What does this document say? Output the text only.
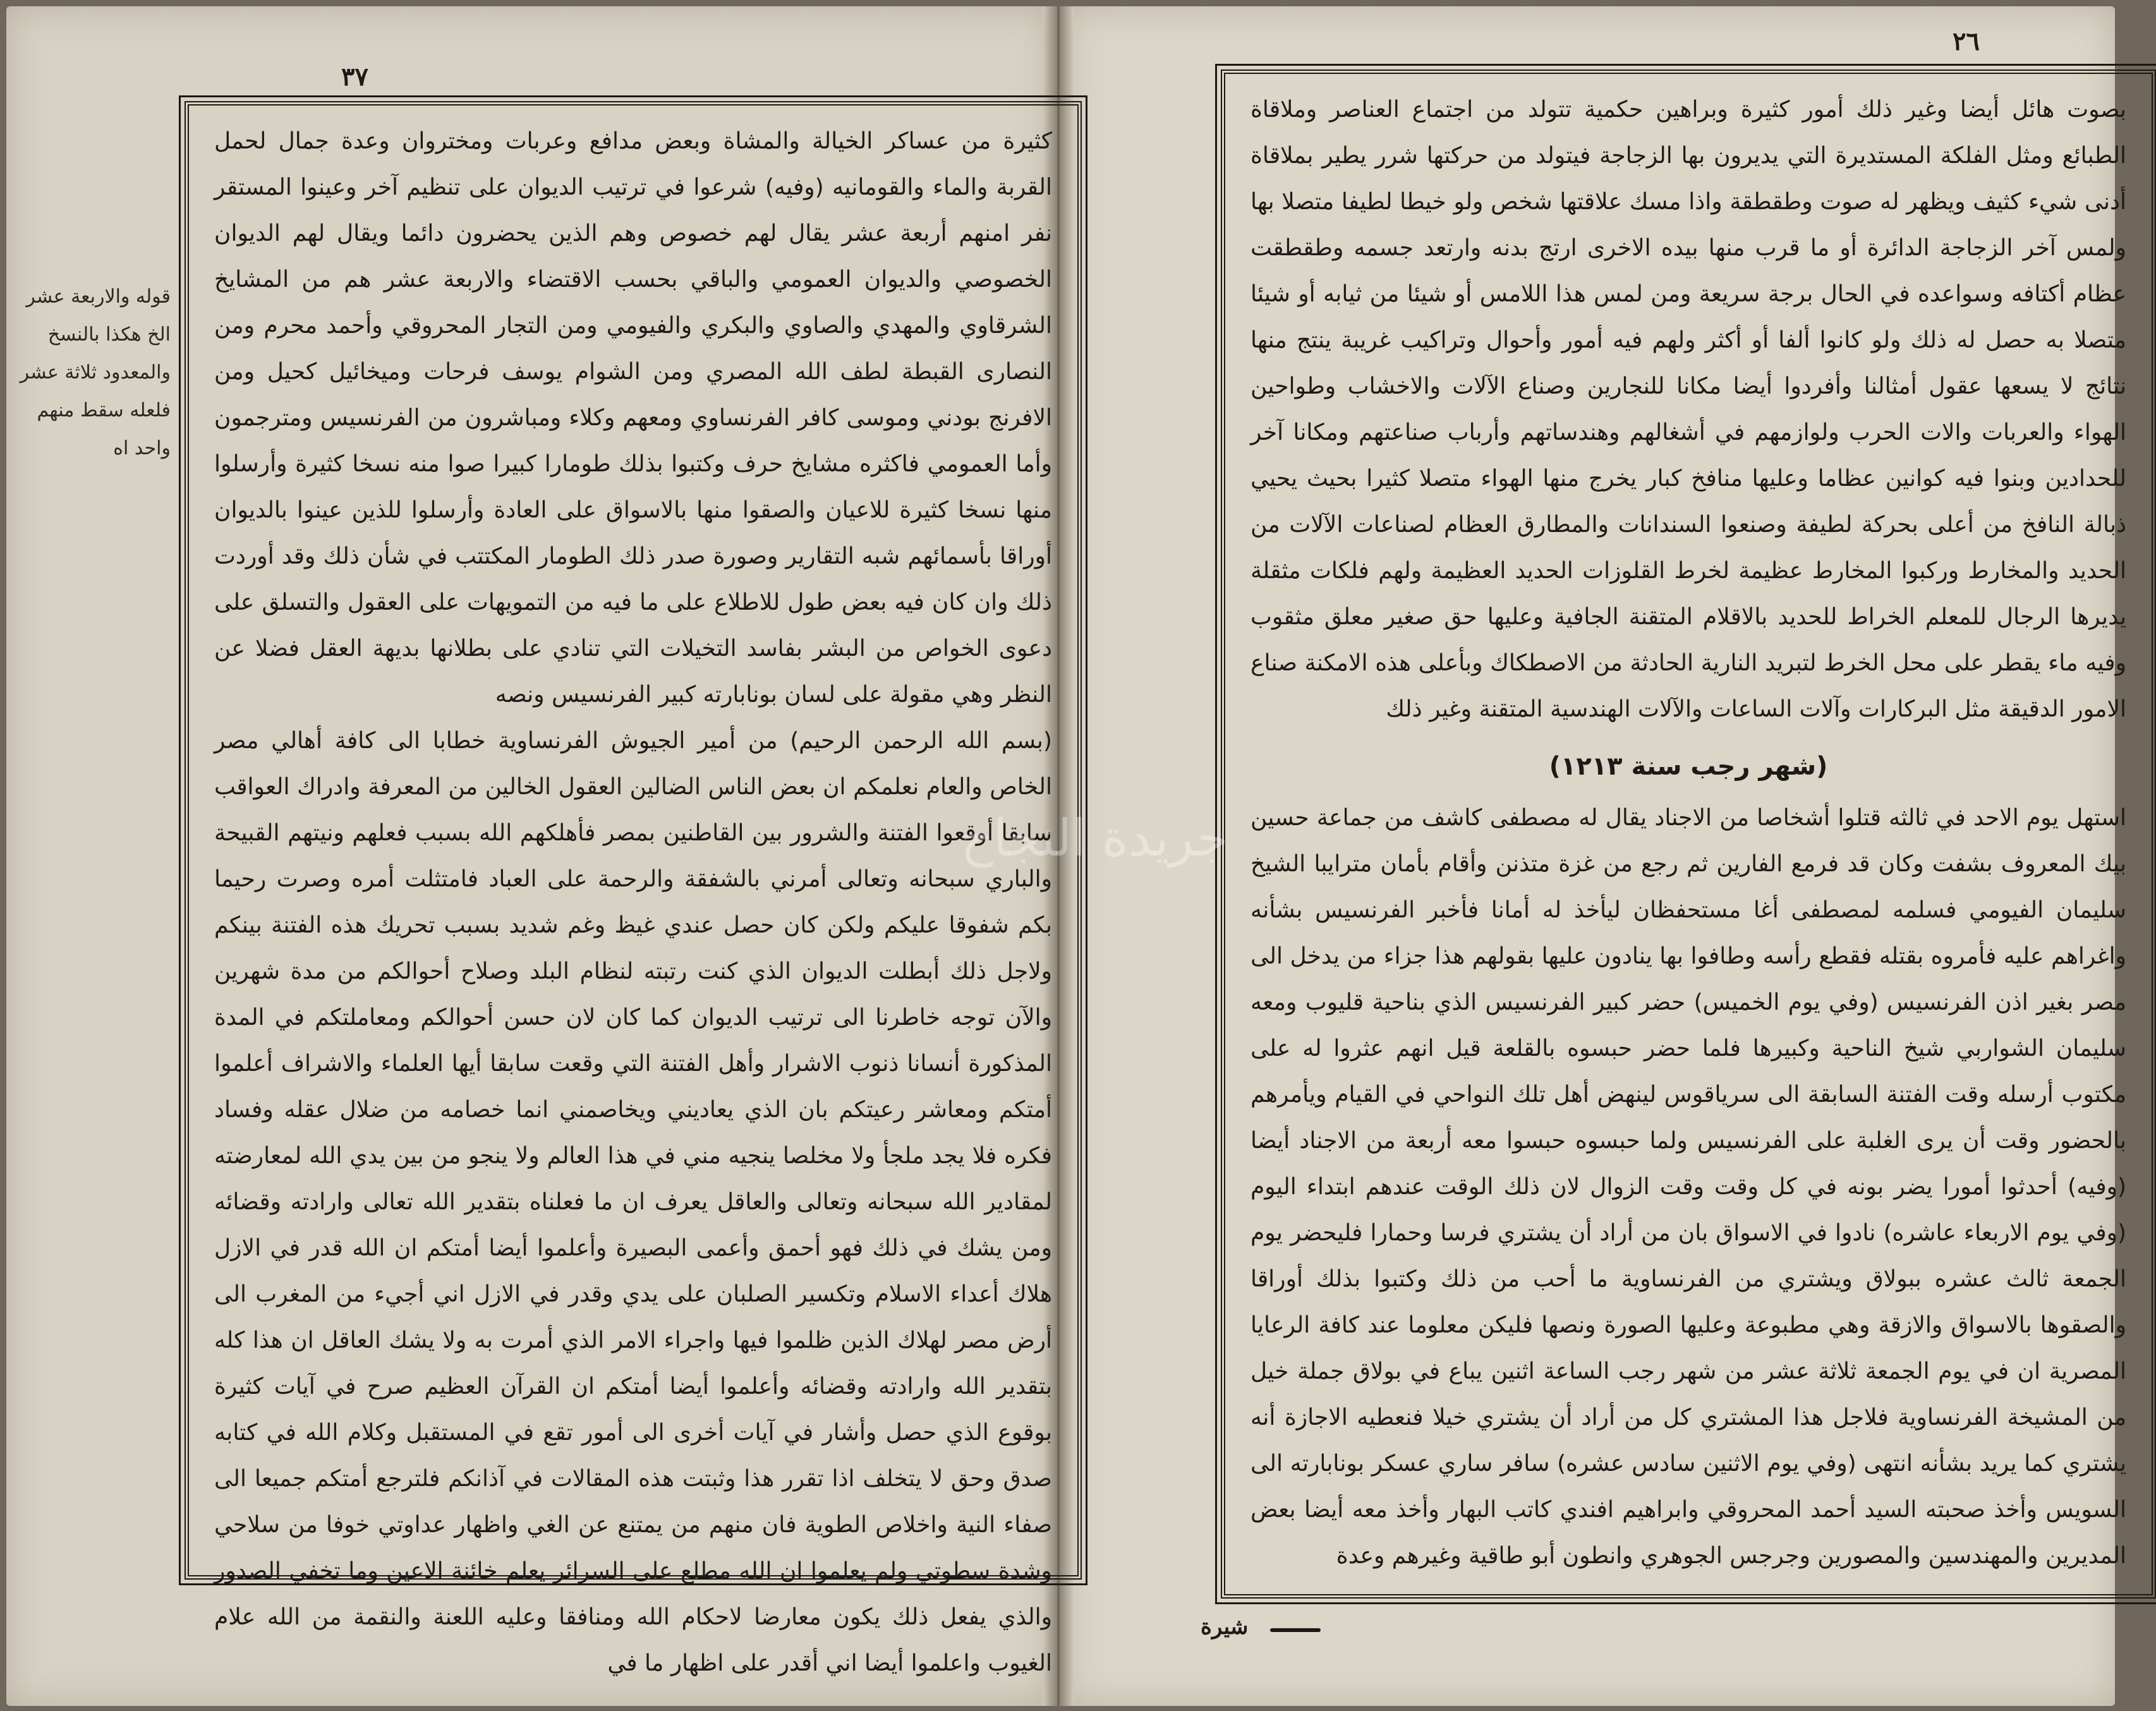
٣٧
٢٦
قوله والاربعة عشر الخ هكذا بالنسخ والمعدود ثلاثة عشر فلعله سقط منهم واحد اه

كثيرة من عساكر الخيالة والمشاة وبعض مدافع وعربات ومختروان وعدة جمال لحمل القربة والماء والقومانيه (وفيه) شرعوا في ترتيب الديوان على تنظيم آخر وعينوا المستقر نفر امنهم أربعة عشر يقال لهم خصوص وهم الذين يحضرون دائما ويقال لهم الديوان الخصوصي والديوان العمومي والباقي بحسب الاقتضاء والاربعة عشر هم من المشايخ الشرقاوي والمهدي والصاوي والبكري والفيومي ومن التجار المحروقي وأحمد محرم ومن النصارى القبطة لطف الله المصري ومن الشوام يوسف فرحات وميخائيل كحيل ومن الافرنج بودني وموسى كافر الفرنساوي ومعهم وكلاء ومباشرون من الفرنسيس ومترجمون وأما العمومي فاكثره مشايخ حرف وكتبوا بذلك طومارا كبيرا صوا منه نسخا كثيرة وأرسلوا منها نسخا كثيرة للاعيان والصقوا منها بالاسواق على العادة وأرسلوا للذين عينوا بالديوان أوراقا بأسمائهم شبه التقارير وصورة صدر ذلك الطومار المكتتب في شأن ذلك وقد أوردت ذلك وان كان فيه بعض طول للاطلاع على ما فيه من التمويهات على العقول والتسلق على دعوى الخواص من البشر بفاسد التخيلات التي تنادي على بطلانها بديهة العقل فضلا عن النظر وهي مقولة على لسان بونابارته كبير الفرنسيس ونصه

(بسم الله الرحمن الرحيم) من أمير الجيوش الفرنساوية خطابا الى كافة أهالي مصر الخاص والعام نعلمكم ان بعض الناس الضالين العقول الخالين من المعرفة وادراك العواقب سابقا أوقعوا الفتنة والشرور بين القاطنين بمصر فأهلكهم الله بسبب فعلهم ونيتهم القبيحة والباري سبحانه وتعالى أمرني بالشفقة والرحمة على العباد فامتثلت أمره وصرت رحيما بكم شفوقا عليكم ولكن كان حصل عندي غيظ وغم شديد بسبب تحريك هذه الفتنة بينكم ولاجل ذلك أبطلت الديوان الذي كنت رتبته لنظام البلد وصلاح أحوالكم من مدة شهرين والآن توجه خاطرنا الى ترتيب الديوان كما كان لان حسن أحوالكم ومعاملتكم في المدة المذكورة أنسانا ذنوب الاشرار وأهل الفتنة التي وقعت سابقا أيها العلماء والاشراف أعلموا أمتكم ومعاشر رعيتكم بان الذي يعاديني ويخاصمني انما خصامه من ضلال عقله وفساد فكره فلا يجد ملجأ ولا مخلصا ينجيه مني في هذا العالم ولا ينجو من بين يدي الله لمعارضته لمقادير الله سبحانه وتعالى والعاقل يعرف ان ما فعلناه بتقدير الله تعالى وارادته وقضائه ومن يشك في ذلك فهو أحمق وأعمى البصيرة وأعلموا أيضا أمتكم ان الله قدر في الازل هلاك أعداء الاسلام وتكسير الصلبان على يدي وقدر في الازل اني أجيء من المغرب الى أرض مصر لهلاك الذين ظلموا فيها واجراء الامر الذي أمرت به ولا يشك العاقل ان هذا كله بتقدير الله وارادته وقضائه وأعلموا أيضا أمتكم ان القرآن العظيم صرح في آيات كثيرة بوقوع الذي حصل وأشار في آيات أخرى الى أمور تقع في المستقبل وكلام الله في كتابه صدق وحق لا يتخلف اذا تقرر هذا وثبتت هذه المقالات في آذانكم فلترجع أمتكم جميعا الى صفاء النية واخلاص الطوية فان منهم من يمتنع عن الغي واظهار عداوتي خوفا من سلاحي وشدة سطوتي ولم يعلموا ان الله مطلع على السرائر يعلم خائنة الاعين وما تخفي الصدور والذي يفعل ذلك يكون معارضا لاحكام الله ومنافقا وعليه اللعنة والنقمة من الله علام الغيوب واعلموا أيضا اني أقدر على اظهار ما في

بصوت هائل أيضا وغير ذلك أمور كثيرة وبراهين حكمية تتولد من اجتماع العناصر وملاقاة الطبائع ومثل الفلكة المستديرة التي يديرون بها الزجاجة فيتولد من حركتها شرر يطير بملاقاة أدنى شيء كثيف ويظهر له صوت وطقطقة واذا مسك علاقتها شخص ولو خيطا لطيفا متصلا بها ولمس آخر الزجاجة الدائرة أو ما قرب منها بيده الاخرى ارتج بدنه وارتعد جسمه وطقطقت عظام أكتافه وسواعده في الحال برجة سريعة ومن لمس هذا اللامس أو شيئا من ثيابه أو شيئا متصلا به حصل له ذلك ولو كانوا ألفا أو أكثر ولهم فيه أمور وأحوال وتراكيب غريبة ينتج منها نتائج لا يسعها عقول أمثالنا وأفردوا أيضا مكانا للنجارين وصناع الآلات والاخشاب وطواحين الهواء والعربات والات الحرب ولوازمهم في أشغالهم وهندساتهم وأرباب صناعتهم ومكانا آخر للحدادين وبنوا فيه كوانين عظاما وعليها منافخ كبار يخرج منها الهواء متصلا كثيرا بحيث يحيي ذبالة النافخ من أعلى بحركة لطيفة وصنعوا السندانات والمطارق العظام لصناعات الآلات من الحديد والمخارط وركبوا المخارط عظيمة لخرط القلوزات الحديد العظيمة ولهم فلكات مثقلة يديرها الرجال للمعلم الخراط للحديد بالاقلام المتقنة الجافية وعليها حق صغير معلق مثقوب وفيه ماء يقطر على محل الخرط لتبريد النارية الحادثة من الاصطكاك وبأعلى هذه الامكنة صناع الامور الدقيقة مثل البركارات وآلات الساعات والآلات الهندسية المتقنة وغير ذلك

(شهر رجب سنة ١٢١٣)

استهل يوم الاحد في ثالثه قتلوا أشخاصا من الاجناد يقال له مصطفى كاشف من جماعة حسين بيك المعروف بشفت وكان قد فرمع الفارين ثم رجع من غزة متذنن وأقام بأمان مترايبا الشيخ سليمان الفيومي فسلمه لمصطفى أغا مستحفظان ليأخذ له أمانا فأخبر الفرنسيس بشأنه واغراهم عليه فأمروه بقتله فقطع رأسه وطافوا بها ينادون عليها بقولهم هذا جزاء من يدخل الى مصر بغير اذن الفرنسيس (وفي يوم الخميس) حضر كبير الفرنسيس الذي بناحية قليوب ومعه سليمان الشواربي شيخ الناحية وكبيرها فلما حضر حبسوه بالقلعة قيل انهم عثروا له على مكتوب أرسله وقت الفتنة السابقة الى سرياقوس لينهض أهل تلك النواحي في القيام ويأمرهم بالحضور وقت أن يرى الغلبة على الفرنسيس ولما حبسوه حبسوا معه أربعة من الاجناد أيضا (وفيه) أحدثوا أمورا يضر بونه في كل وقت وقت الزوال لان ذلك الوقت عندهم ابتداء اليوم (وفي يوم الاربعاء عاشره) نادوا في الاسواق بان من أراد أن يشتري فرسا وحمارا فليحضر يوم الجمعة ثالث عشره ببولاق ويشتري من الفرنساوية ما أحب من ذلك وكتبوا بذلك أوراقا والصقوها بالاسواق والازقة وهي مطبوعة وعليها الصورة ونصها فليكن معلوما عند كافة الرعايا المصرية ان في يوم الجمعة ثلاثة عشر من شهر رجب الساعة اثنين يباع في بولاق جملة خيل من المشيخة الفرنساوية فلاجل هذا المشتري كل من أراد أن يشتري خيلا فنعطيه الاجازة أنه يشتري كما يريد بشأنه انتهى (وفي يوم الاثنين سادس عشره) سافر ساري عسكر بونابارته الى السويس وأخذ صحبته السيد أحمد المحروقي وابراهيم افندي كاتب البهار وأخذ معه أيضا بعض المديرين والمهندسين والمصورين وجرجس الجوهري وانطون أبو طاقية وغيرهم وعدة

شيرة
جريدة النجاح
